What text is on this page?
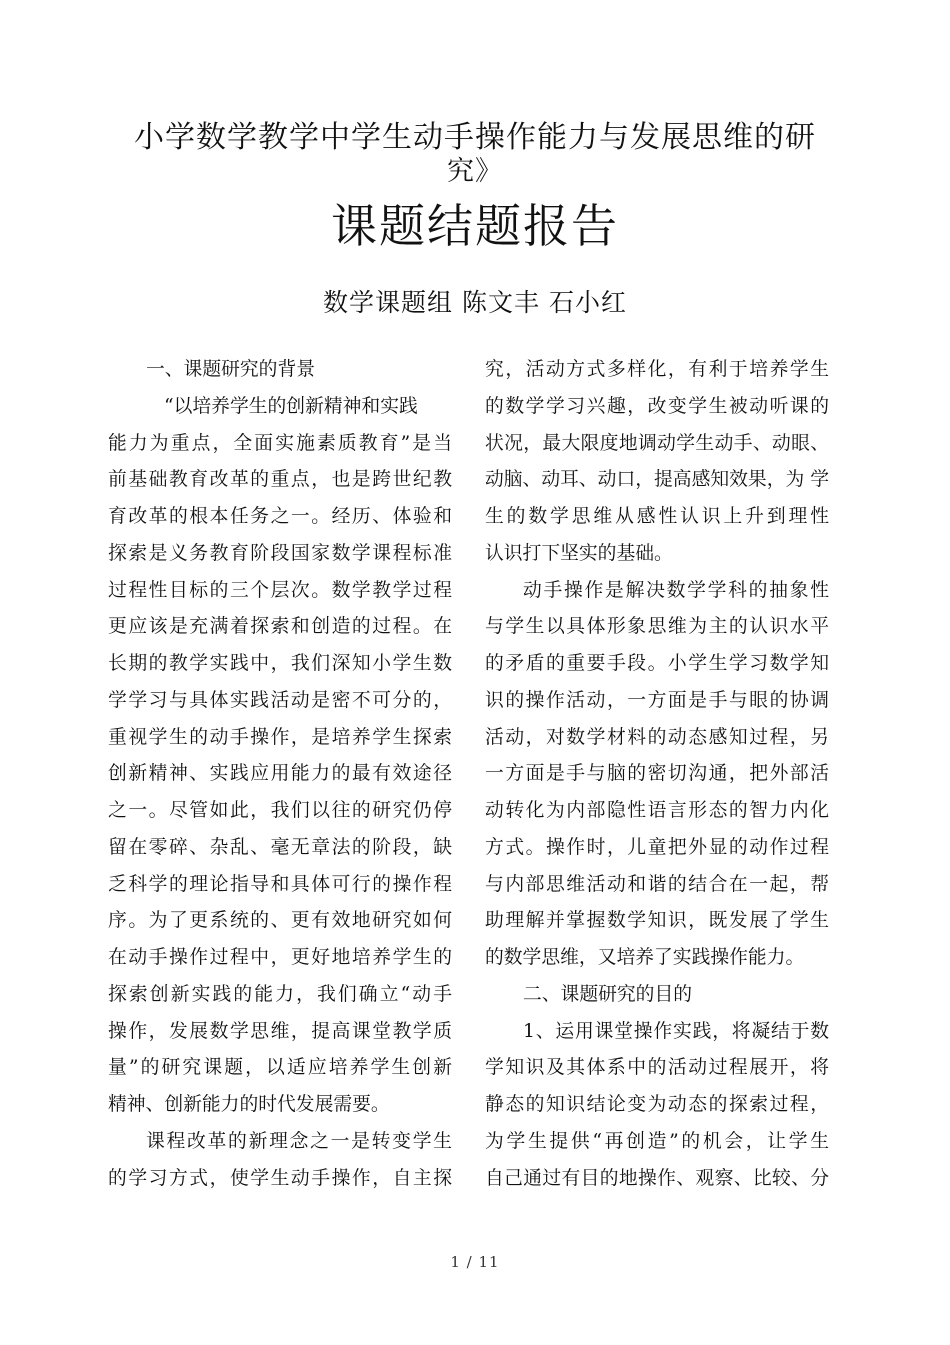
小学数学教学中学生动手操作能力与发展思维的研
究》
课题结题报告
数学课题组 陈文丰 石小红
一、课题研究的背景
“以培养学生的创新精神和实践
能力为重点，全面实施素质教育”是当
前基础教育改革的重点，也是跨世纪教
育改革的根本任务之一。经历、体验和
探索是义务教育阶段国家数学课程标准
过程性目标的三个层次。数学教学过程
更应该是充满着探索和创造的过程。在
长期的教学实践中，我们深知小学生数
学学习与具体实践活动是密不可分的，
重视学生的动手操作，是培养学生探索
创新精神、实践应用能力的最有效途径
之一。尽管如此，我们以往的研究仍停
留在零碎、杂乱、毫无章法的阶段，缺
乏科学的理论指导和具体可行的操作程
序。为了更系统的、更有效地研究如何
在动手操作过程中，更好地培养学生的
探索创新实践的能力，我们确立“动手
操作，发展数学思维，提高课堂教学质
量”的研究课题，以适应培养学生创新
精神、创新能力的时代发展需要。
课程改革的新理念之一是转变学生
的学习方式，使学生动手操作，自主探
究，活动方式多样化，有利于培养学生
的数学学习兴趣，改变学生被动听课的
状况，最大限度地调动学生动手、动眼、
动脑、动耳、动口，提高感知效果，为 学
生的数学思维从感性认识上升到理性
认识打下坚实的基础。
动手操作是解决数学学科的抽象性
与学生以具体形象思维为主的认识水平
的矛盾的重要手段。小学生学习数学知
识的操作活动，一方面是手与眼的协调
活动，对数学材料的动态感知过程，另
一方面是手与脑的密切沟通，把外部活
动转化为内部隐性语言形态的智力内化
方式。操作时，儿童把外显的动作过程
与内部思维活动和谐的结合在一起，帮
助理解并掌握数学知识，既发展了学生
的数学思维，又培养了实践操作能力。
二、课题研究的目的
1、运用课堂操作实践，将凝结于数
学知识及其体系中的活动过程展开，将
静态的知识结论变为动态的探索过程，
为学生提供“再创造”的机会，让学生
自己通过有目的地操作、观察、比较、分
1 / 11
